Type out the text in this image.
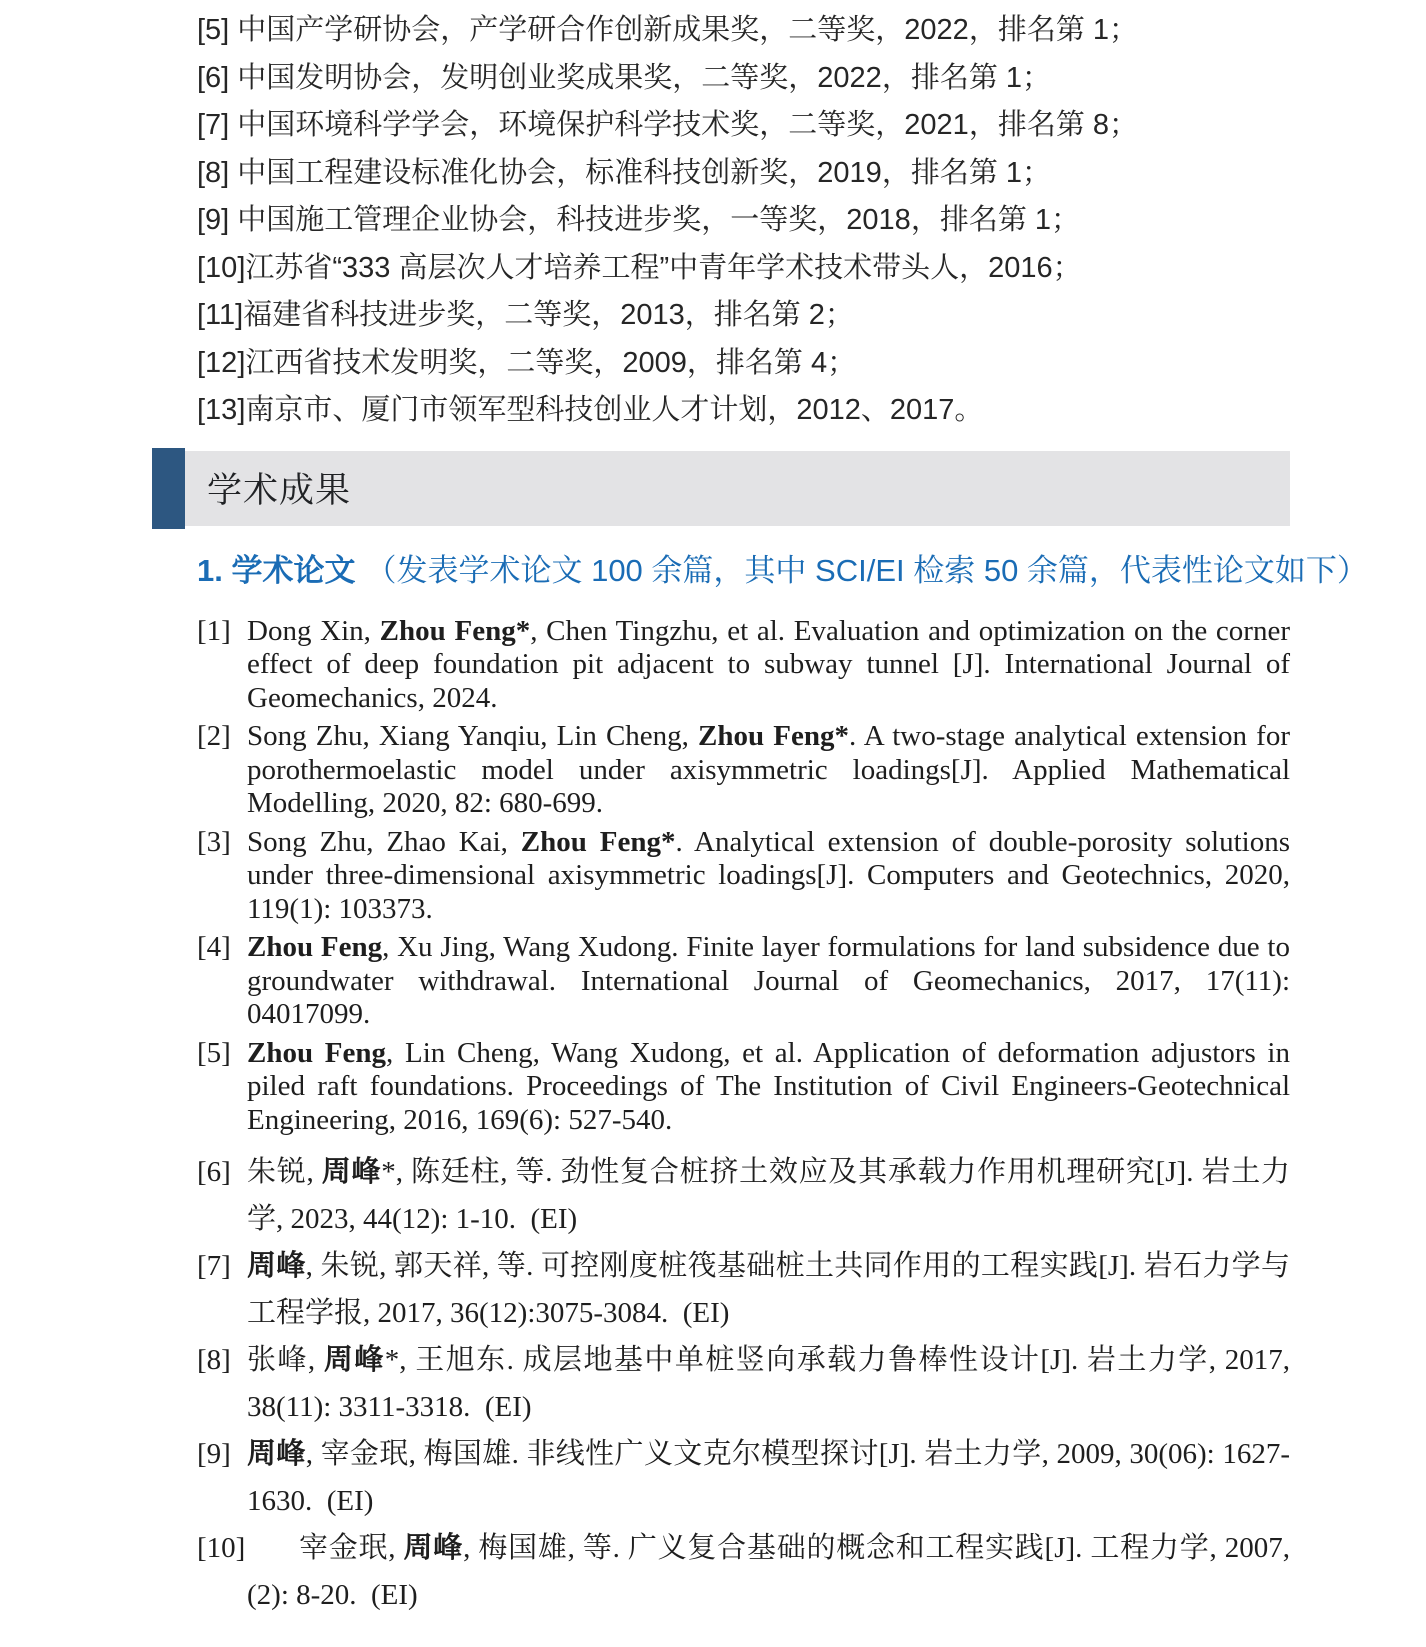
[5] 中国产学研协会，产学研合作创新成果奖，二等奖，2022，排名第 1；
[6] 中国发明协会，发明创业奖成果奖，二等奖，2022，排名第 1；
[7] 中国环境科学学会，环境保护科学技术奖，二等奖，2021，排名第 8；
[8] 中国工程建设标准化协会，标准科技创新奖，2019，排名第 1；
[9] 中国施工管理企业协会，科技进步奖，一等奖，2018，排名第 1；
[10]江苏省“333 高层次人才培养工程”中青年学术技术带头人，2016；
[11]福建省科技进步奖，二等奖，2013，排名第 2；
[12]江西省技术发明奖，二等奖，2009，排名第 4；
[13]南京市、厦门市领军型科技创业人才计划，2012、2017。
学术成果
1. 学术论文 （发表学术论文 100 余篇，其中 SCI/EI 检索 50 余篇，代表性论文如下）
[1] Dong Xin, Zhou Feng*, Chen Tingzhu, et al. Evaluation and optimization on the corner effect of deep foundation pit adjacent to subway tunnel [J]. International Journal of Geomechanics, 2024.
[2] Song Zhu, Xiang Yanqiu, Lin Cheng, Zhou Feng*. A two-stage analytical extension for porothermoelastic model under axisymmetric loadings[J]. Applied Mathematical Modelling, 2020, 82: 680-699.
[3] Song Zhu, Zhao Kai, Zhou Feng*. Analytical extension of double-porosity solutions under three-dimensional axisymmetric loadings[J]. Computers and Geotechnics, 2020, 119(1): 103373.
[4] Zhou Feng, Xu Jing, Wang Xudong. Finite layer formulations for land subsidence due to groundwater withdrawal. International Journal of Geomechanics, 2017, 17(11): 04017099.
[5] Zhou Feng, Lin Cheng, Wang Xudong, et al. Application of deformation adjustors in piled raft foundations. Proceedings of The Institution of Civil Engineers-Geotechnical Engineering, 2016, 169(6): 527-540.
[6] 朱锐, 周峰*, 陈廷柱, 等. 劲性复合桩挤土效应及其承载力作用机理研究[J]. 岩土力学, 2023, 44(12): 1-10.  (EI)
[7] 周峰, 朱锐, 郭天祥, 等. 可控刚度桩筏基础桩土共同作用的工程实践[J]. 岩石力学与工程学报, 2017, 36(12):3075-3084.  (EI)
[8] 张峰, 周峰*, 王旭东. 成层地基中单桩竖向承载力鲁棒性设计[J]. 岩土力学, 2017, 38(11): 3311-3318.  (EI)
[9] 周峰, 宰金珉, 梅国雄. 非线性广义文克尔模型探讨[J]. 岩土力学, 2009, 30(06): 1627-1630.  (EI)
[10]	宰金珉, 周峰, 梅国雄, 等. 广义复合基础的概念和工程实践[J]. 工程力学, 2007, (2): 8-20.  (EI)
